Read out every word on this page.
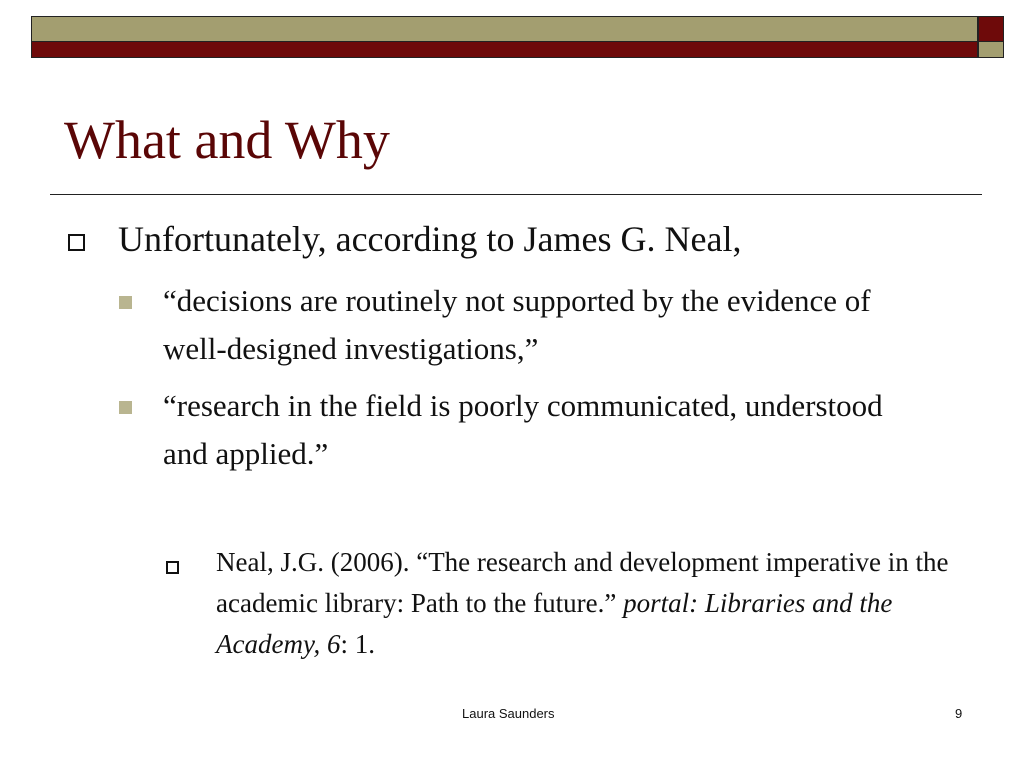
What and Why
Unfortunately, according to James G. Neal,
“decisions are routinely not supported by the evidence of well-designed investigations,”
“research in the field is poorly communicated, understood and applied.”
Neal, J.G. (2006). “The research and development imperative in the academic library: Path to the future.” portal: Libraries and the Academy, 6: 1.
Laura Saunders	9
